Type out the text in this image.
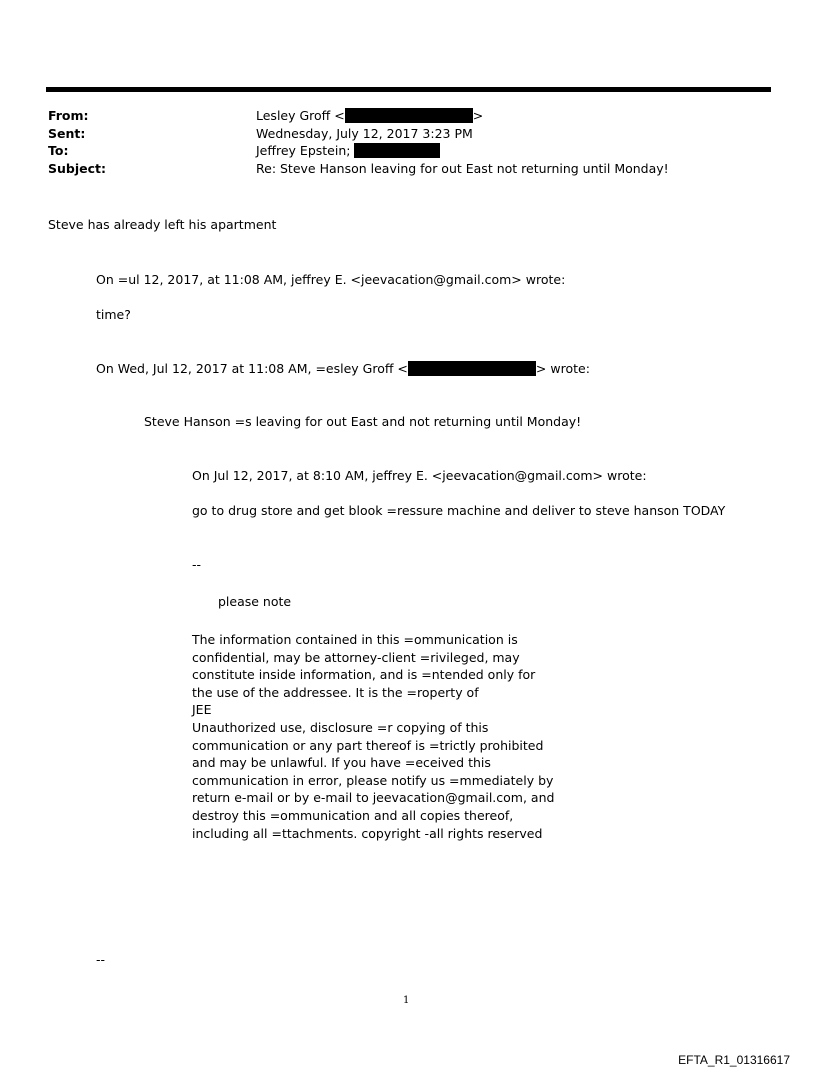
From:	Lesley Groff <	>
Sent:	Wednesday, July 12, 2017 3:23 PM
To:	Jeffrey Epstein;
Subject:	Re: Steve Hanson leaving for out East not returning until Monday!
Steve has already left his apartment
On =ul 12, 2017, at 11:08 AM, jeffrey E. <jeevacation@gmail.com> wrote:
time?
On Wed, Jul 12, 2017 at 11:08 AM, =esley Groff <	> wrote:
Steve Hanson =s leaving for out East and not returning until Monday!
On Jul 12, 2017, at 8:10 AM, jeffrey E. <jeevacation@gmail.com> wrote:
go to drug store and get blook =ressure machine and deliver to steve hanson TODAY
--
please note
The information contained in this =ommunication is
confidential, may be attorney-client =rivileged, may
constitute inside information, and is =ntended only for
the use of the addressee. It is the =roperty of
JEE
Unauthorized use, disclosure =r copying of this
communication or any part thereof is =trictly prohibited
and may be unlawful. If you have =eceived this
communication in error, please notify us =mmediately by
return e-mail or by e-mail to jeevacation@gmail.com, and
destroy this =ommunication and all copies thereof,
including all =ttachments. copyright -all rights reserved
--
1
EFTA_R1_01316617
